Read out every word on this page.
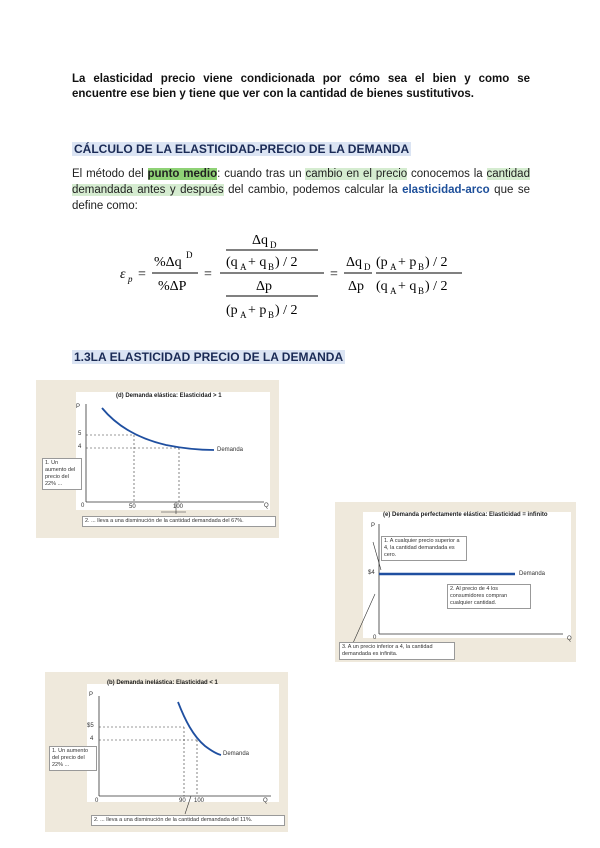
La elasticidad precio viene condicionada por cómo sea el bien y como se encuentre ese bien y tiene que ver con la cantidad de bienes sustitutivos.
CÁLCULO DE LA ELASTICIDAD-PRECIO DE LA DEMANDA
El método del punto medio: cuando tras un cambio en el precio conocemos la cantidad demandada antes y después del cambio, podemos calcular la elasticidad-arco que se define como:
ε p =
%Δq D
%ΔP
=
Δq D
(q A + q B ) / 2
Δp
(p A + p B ) / 2
=
Δq D
Δp
(p A + p B ) / 2
(q A + q B ) / 2
1.3LA ELASTICIDAD PRECIO DE LA DEMANDA
(d) Demanda elástica: Elasticidad > 1
P
Q
0
5
4
50	100
Demanda
1. Un aumento del precio del 22% ...
2. ... lleva a una disminución de la cantidad demandada del 67%.
(e) Demanda perfectamente elástica: Elasticidad = infinito
P
Q
0
$4	Demanda
1. A cualquier precio superior a 4, la cantidad demandada es cero.
2. Al precio de 4 los consumidores compran cualquier cantidad.
3. A un precio inferior a 4, la cantidad demandada es infinita.
(b) Demanda inelástica: Elasticidad < 1
P
Q
0
$5
4
90 100
Demanda
1. Un aumento del precio del 22% ...
2. ... lleva a una disminución de la cantidad demandada del 11%.
